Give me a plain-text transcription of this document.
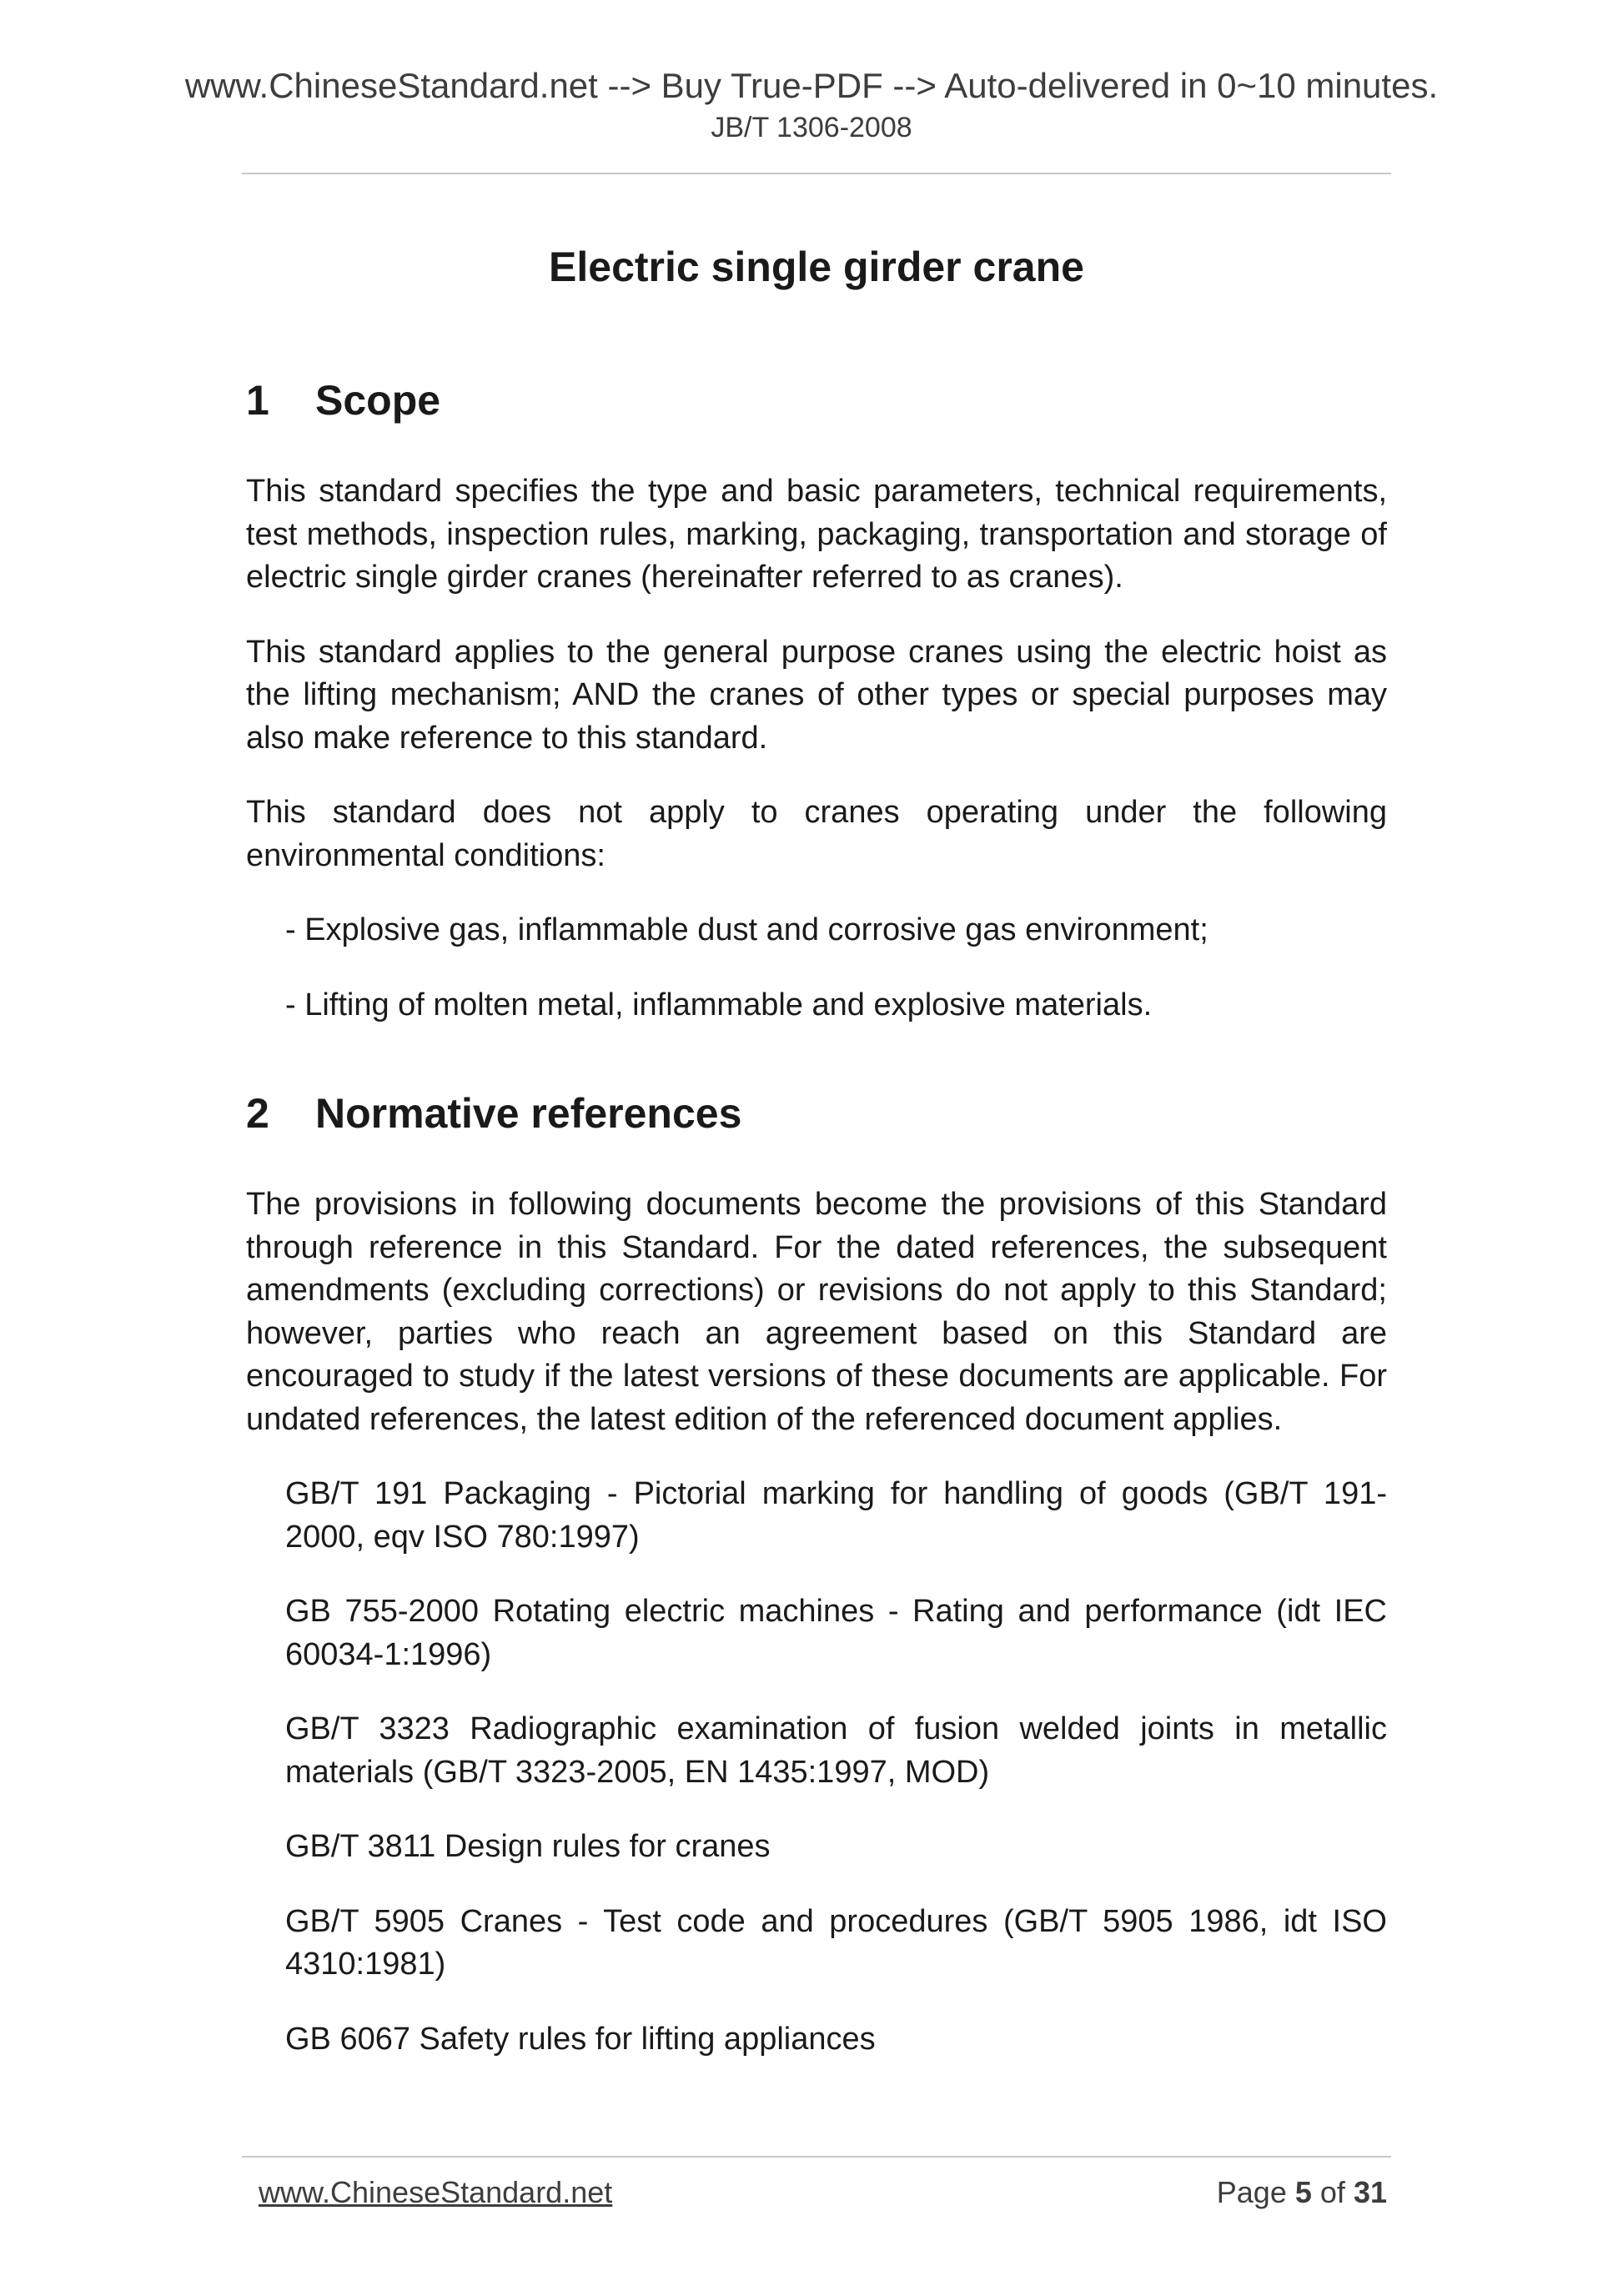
www.ChineseStandard.net --> Buy True-PDF --> Auto-delivered in 0~10 minutes.
JB/T 1306-2008
Electric single girder crane
1	Scope

This standard specifies the type and basic parameters, technical requirements, test methods, inspection rules, marking, packaging, transportation and storage of electric single girder cranes (hereinafter referred to as cranes).

This standard applies to the general purpose cranes using the electric hoist as the lifting mechanism; AND the cranes of other types or special purposes may also make reference to this standard.

This standard does not apply to cranes operating under the following environmental conditions:

- Explosive gas, inflammable dust and corrosive gas environment;

- Lifting of molten metal, inflammable and explosive materials.

2	Normative references

The provisions in following documents become the provisions of this Standard through reference in this Standard. For the dated references, the subsequent amendments (excluding corrections) or revisions do not apply to this Standard; however, parties who reach an agreement based on this Standard are encouraged to study if the latest versions of these documents are applicable. For undated references, the latest edition of the referenced document applies.

GB/T 191 Packaging - Pictorial marking for handling of goods (GB/T 191-2000, eqv ISO 780:1997)

GB 755-2000 Rotating electric machines - Rating and performance (idt IEC 60034-1:1996)

GB/T 3323 Radiographic examination of fusion welded joints in metallic materials (GB/T 3323-2005, EN 1435:1997, MOD)

GB/T 3811 Design rules for cranes

GB/T 5905 Cranes - Test code and procedures (GB/T 5905 1986, idt ISO 4310:1981)

GB 6067 Safety rules for lifting appliances

www.ChineseStandard.net	Page 5 of 31
